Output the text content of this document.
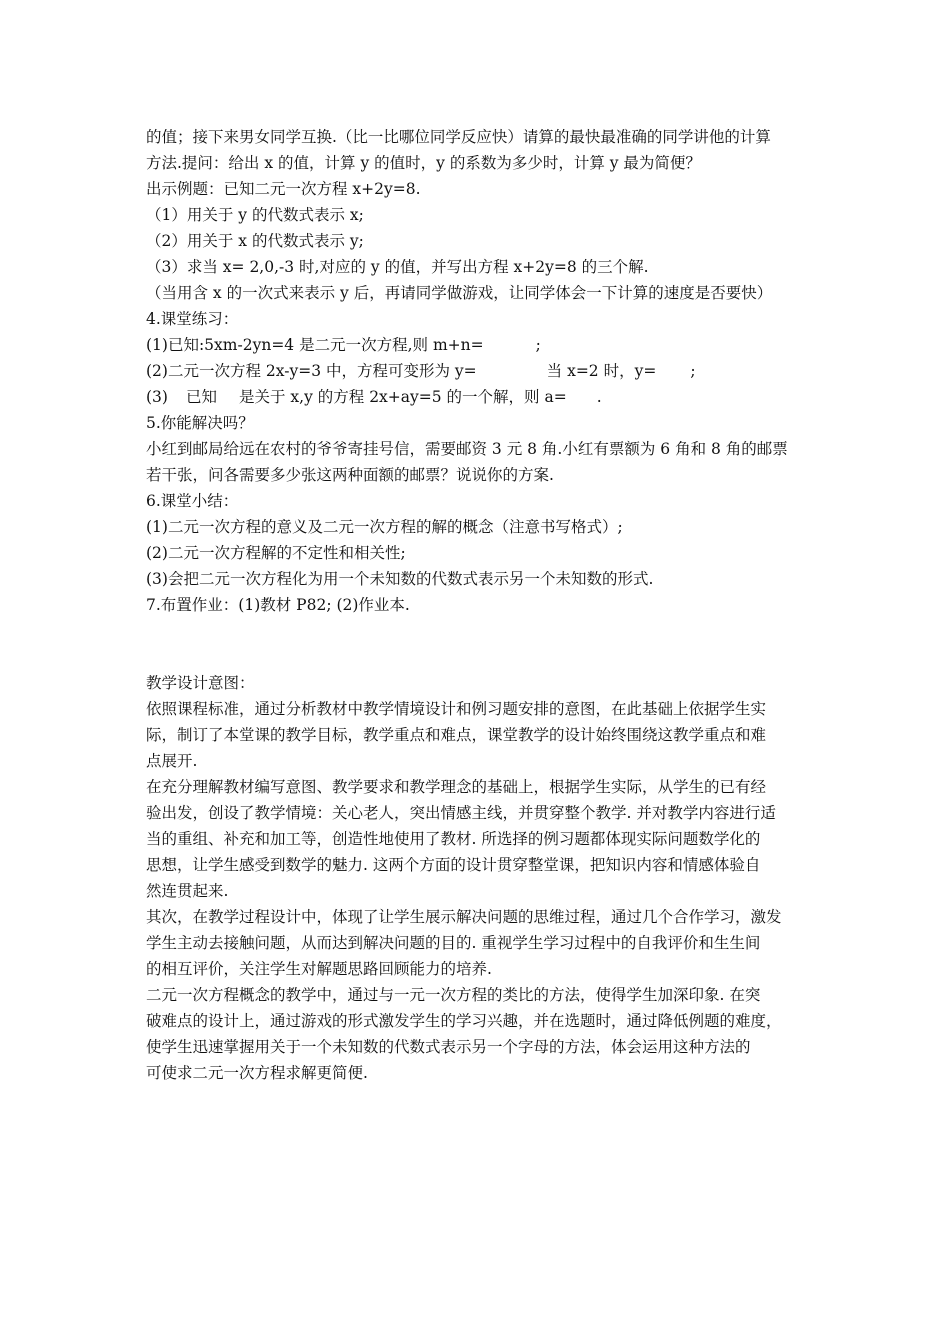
的值；接下来男女同学互换.（比一比哪位同学反应快）请算的最快最准确的同学讲他的计算
方法.提问：给出 x 的值，计算 y 的值时，y 的系数为多少时，计算 y 最为简便？
出示例题：已知二元一次方程 x+2y=8.
（1）用关于 y 的代数式表示 x;
（2）用关于 x 的代数式表示 y;
（3）求当 x= 2,0,-3 时,对应的 y 的值，并写出方程 x+2y=8 的三个解.
（当用含 x 的一次式来表示 y 后，再请同学做游戏，让同学体会一下计算的速度是否要快）
4.课堂练习：
(1)已知:5xm-2yn=4 是二元一次方程,则 m+n=	;
(2)二元一次方程 2x-y=3 中，方程可变形为 y=	当 x=2 时，y= ;
(3) 已知 是关于 x,y 的方程 2x+ay=5 的一个解，则 a= .
5.你能解决吗？
小红到邮局给远在农村的爷爷寄挂号信，需要邮资 3 元 8 角.小红有票额为 6 角和 8 角的邮票
若干张，问各需要多少张这两种面额的邮票？说说你的方案.
6.课堂小结：
(1)二元一次方程的意义及二元一次方程的解的概念（注意书写格式）;
(2)二元一次方程解的不定性和相关性;
(3)会把二元一次方程化为用一个未知数的代数式表示另一个未知数的形式.
7.布置作业：(1)教材 P82; (2)作业本.
教学设计意图：
依照课程标准，通过分析教材中教学情境设计和例习题安排的意图，在此基础上依据学生实
际，制订了本堂课的教学目标，教学重点和难点，课堂教学的设计始终围绕这教学重点和难
点展开.
在充分理解教材编写意图、教学要求和教学理念的基础上，根据学生实际，从学生的已有经
验出发，创设了教学情境：关心老人，突出情感主线，并贯穿整个教学. 并对教学内容进行适
当的重组、补充和加工等，创造性地使用了教材. 所选择的例习题都体现实际问题数学化的
思想，让学生感受到数学的魅力. 这两个方面的设计贯穿整堂课，把知识内容和情感体验自
然连贯起来.
其次，在教学过程设计中，体现了让学生展示解决问题的思维过程，通过几个合作学习，激发
学生主动去接触问题，从而达到解决问题的目的. 重视学生学习过程中的自我评价和生生间
的相互评价，关注学生对解题思路回顾能力的培养.
二元一次方程概念的教学中，通过与一元一次方程的类比的方法，使得学生加深印象. 在突
破难点的设计上，通过游戏的形式激发学生的学习兴趣，并在选题时，通过降低例题的难度，
使学生迅速掌握用关于一个未知数的代数式表示另一个字母的方法，体会运用这种方法的
可使求二元一次方程求解更简便.
